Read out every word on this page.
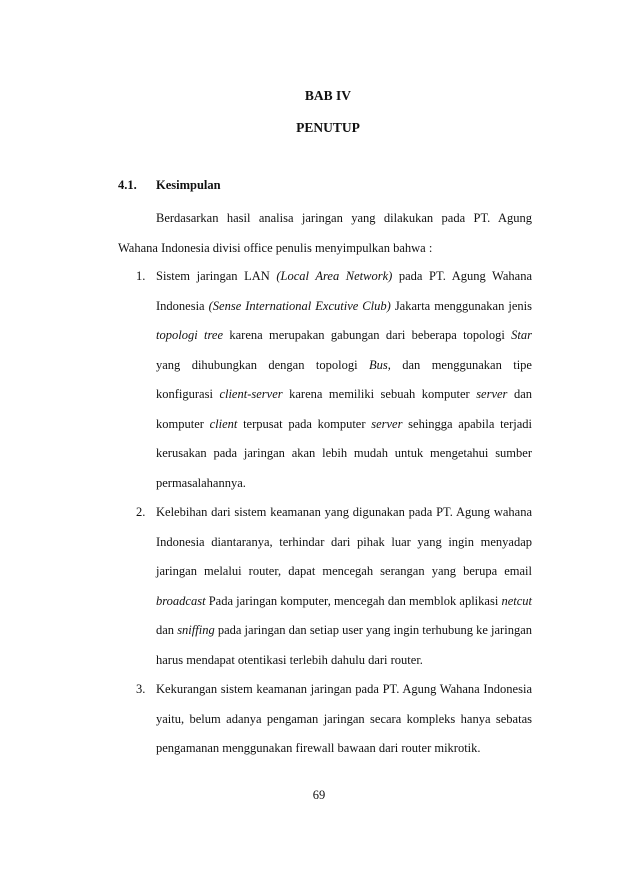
BAB IV
PENUTUP
4.1. Kesimpulan

Berdasarkan hasil analisa jaringan yang dilakukan pada PT. Agung Wahana Indonesia divisi office penulis menyimpulkan bahwa :

1. Sistem jaringan LAN (Local Area Network) pada PT. Agung Wahana Indonesia (Sense International Excutive Club) Jakarta menggunakan jenis topologi tree karena merupakan gabungan dari beberapa topologi Star yang dihubungkan dengan topologi Bus, dan menggunakan tipe konfigurasi client-server karena memiliki sebuah komputer server dan komputer client terpusat pada komputer server sehingga apabila terjadi kerusakan pada jaringan akan lebih mudah untuk mengetahui sumber permasalahannya.
2. Kelebihan dari sistem keamanan yang digunakan pada PT. Agung wahana Indonesia diantaranya, terhindar dari pihak luar yang ingin menyadap jaringan melalui router, dapat mencegah serangan yang berupa email broadcast Pada jaringan komputer, mencegah dan memblok aplikasi netcut dan sniffing pada jaringan dan setiap user yang ingin terhubung ke jaringan harus mendapat otentikasi terlebih dahulu dari router.
3. Kekurangan sistem keamanan jaringan pada PT. Agung Wahana Indonesia yaitu, belum adanya pengaman jaringan secara kompleks hanya sebatas pengamanan menggunakan firewall bawaan dari router mikrotik.
69
